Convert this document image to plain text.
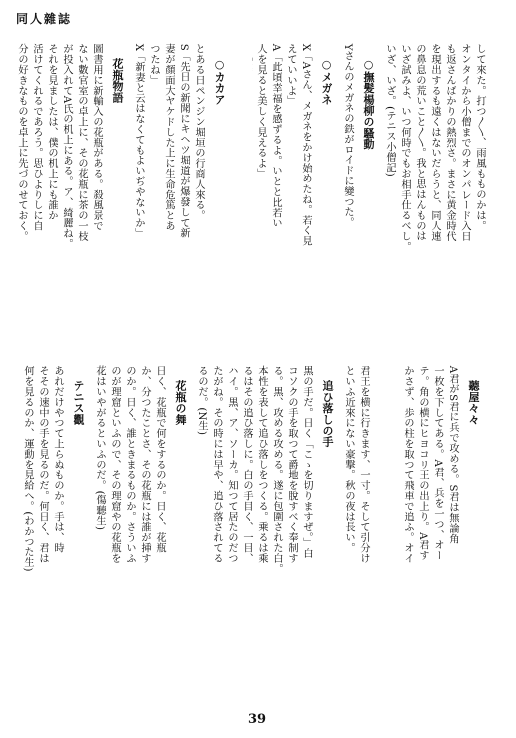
同人雜誌

して來た。打つ〳〵、雨風もものかは。
オンタイから小僧までのオンパレード入日
も返さんばかりの熱烈さ。まさに黄金時代
を現出するも遠くはないだらうと、同人連
の鼻息の荒いこと〳〵。我と思はんものは
いざ試みよ、いつ何時でもお相手仕るべし。
いざ、いざ。(テニス小僧記)
○撫髪楊柳の騷動
Yさんのメガネの鉄がロイドに變つた。
○メガネ
X「Aさん、メガネをかけ始めたね。若く見
えていいよ」
A「此頃幸福を感ずるよ。いとと比若い
人を見ると美しく見えるよ」

○カカア
とある日ペンジン堀垣の行商人來る。
S「先日の新聞にキヘツ堀道が爆發して新
妻が顏面大ヤケドした上に生命危篤とあ
つたね」
X「新妻と云はなくてもよいぢやないか」
花瓶物語
圖書用に新輸入の花瓶がある。殺風景で
ない數官室の卓上に、その花瓶に茶の一枝
が投入れてA氏の机上にある。ア、綺麗ね。
それを見ましたは、僕の机上にも誰か
活けてくれるであろう。思ひよりしに自
分の好きなものを卓上に先づのせておく。

聽屋々々
A君がS君に兵で攻める。S君は無論角
一枚を下してある。A君、兵を一つ、オー
テ。角の横にヒヨコリ王の出上り。A君す
かさず、歩の柱を取つて飛車で追ふ。オイ

君王を横に行きます、一寸。そして引分け
といふ近來にない豪撃。秋の夜は長い。
追ひ落しの手
黒の手だ。日く「こゝを切りますぜ。」白
コソクの手を取つて爵地を脫すべく奉制す
る。黒、攻める攻める。遂に包圍された白。
本性を表して追ひ落しをつくる。乘るは乘
るはその追ひ落しに。白の手目く、一目、
ハイ。黒、ア、ソーカ。知つて居たのだつ
たがね。その時には早や、追ひ落されてる
るのだ。(N生)
花瓶の舞
日く、花瓶で何をするのか。日く、花瓶
か、分つたことさ、その花瓶には誰が挿す
のか。日く、誰ときまるものか。さういふ
のが理窟といふので、その理窟やの花瓶を
花はいやがるといふのだ。(傷聽生)
テニス觀
あれだけやつて上らぬものか。手は、時
そその速中の手を見るのだ。何日く、君は
何を見るのか、運動を見給へ。(わかつた生)

39
